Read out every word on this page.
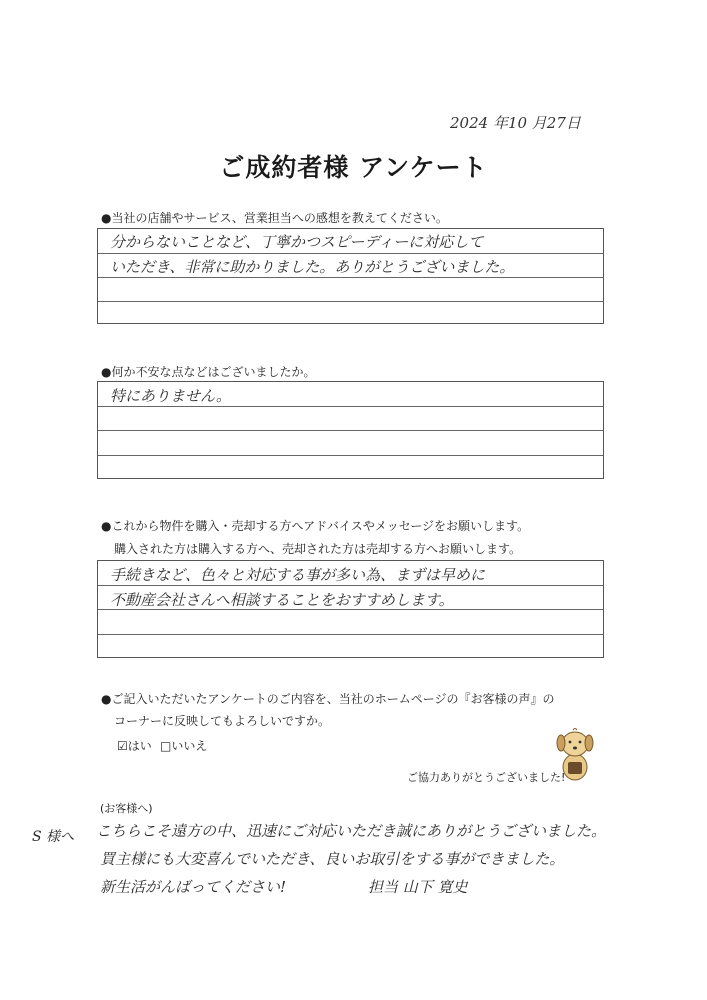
2024 年10 月27日
ご成約者様 アンケート
●当社の店舗やサービス、営業担当への感想を教えてください。
分からないことなど、丁寧かつスピーディーに対応して
いただき、非常に助かりました。ありがとうございました。
●何か不安な点などはございましたか。
特にありません。
●これから物件を購入・売却する方へアドバイスやメッセージをお願いします。
購入された方は購入する方へ、売却された方は売却する方へお願いします。
手続きなど、色々と対応する事が多い為、まずは早めに
不動産会社さんへ相談することをおすすめします。
●ご記入いただいたアンケートのご内容を、当社のホームページの『お客様の声』の
コーナーに反映してもよろしいですか。
☑はい □いいえ
ご協力ありがとうございました!
(お客様へ)
S 様へ こちらこそ遠方の中、迅速にご対応いただき誠にありがとうございました。
買主様にも大変喜んでいただき、良いお取引をする事ができました。
新生活がんばってください!	担当 山下 寛史
